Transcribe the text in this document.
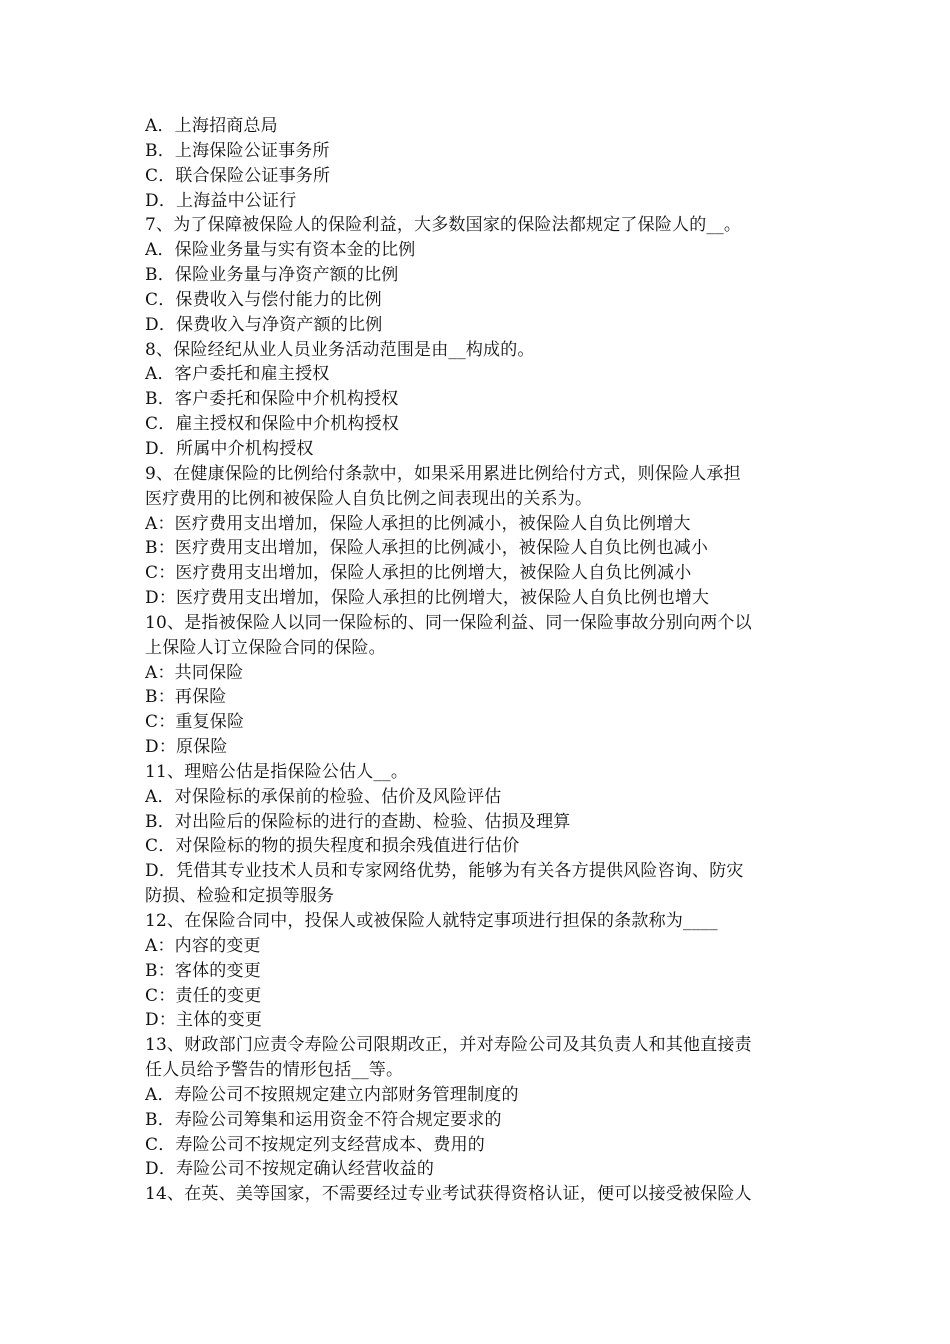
A．上海招商总局
B．上海保险公证事务所
C．联合保险公证事务所
D．上海益中公证行
7、为了保障被保险人的保险利益，大多数国家的保险法都规定了保险人的__。
A．保险业务量与实有资本金的比例
B．保险业务量与净资产额的比例
C．保费收入与偿付能力的比例
D．保费收入与净资产额的比例
8、保险经纪从业人员业务活动范围是由__构成的。
A．客户委托和雇主授权
B．客户委托和保险中介机构授权
C．雇主授权和保险中介机构授权
D．所属中介机构授权
9、在健康保险的比例给付条款中，如果采用累进比例给付方式，则保险人承担
医疗费用的比例和被保险人自负比例之间表现出的关系为。
A：医疗费用支出增加，保险人承担的比例减小，被保险人自负比例增大
B：医疗费用支出增加，保险人承担的比例减小，被保险人自负比例也减小
C：医疗费用支出增加，保险人承担的比例增大，被保险人自负比例减小
D：医疗费用支出增加，保险人承担的比例增大，被保险人自负比例也增大
10、是指被保险人以同一保险标的、同一保险利益、同一保险事故分别向两个以
上保险人订立保险合同的保险。
A：共同保险
B：再保险
C：重复保险
D：原保险
11、理赔公估是指保险公估人__。
A．对保险标的承保前的检验、估价及风险评估
B．对出险后的保险标的进行的查勘、检验、估损及理算
C．对保险标的物的损失程度和损余残值进行估价
D．凭借其专业技术人员和专家网络优势，能够为有关各方提供风险咨询、防灾
防损、检验和定损等服务
12、在保险合同中，投保人或被保险人就特定事项进行担保的条款称为____
A：内容的变更
B：客体的变更
C：责任的变更
D：主体的变更
13、财政部门应责令寿险公司限期改正，并对寿险公司及其负责人和其他直接责
任人员给予警告的情形包括__等。
A．寿险公司不按照规定建立内部财务管理制度的
B．寿险公司筹集和运用资金不符合规定要求的
C．寿险公司不按规定列支经营成本、费用的
D．寿险公司不按规定确认经营收益的
14、在英、美等国家，不需要经过专业考试获得资格认证，便可以接受被保险人
